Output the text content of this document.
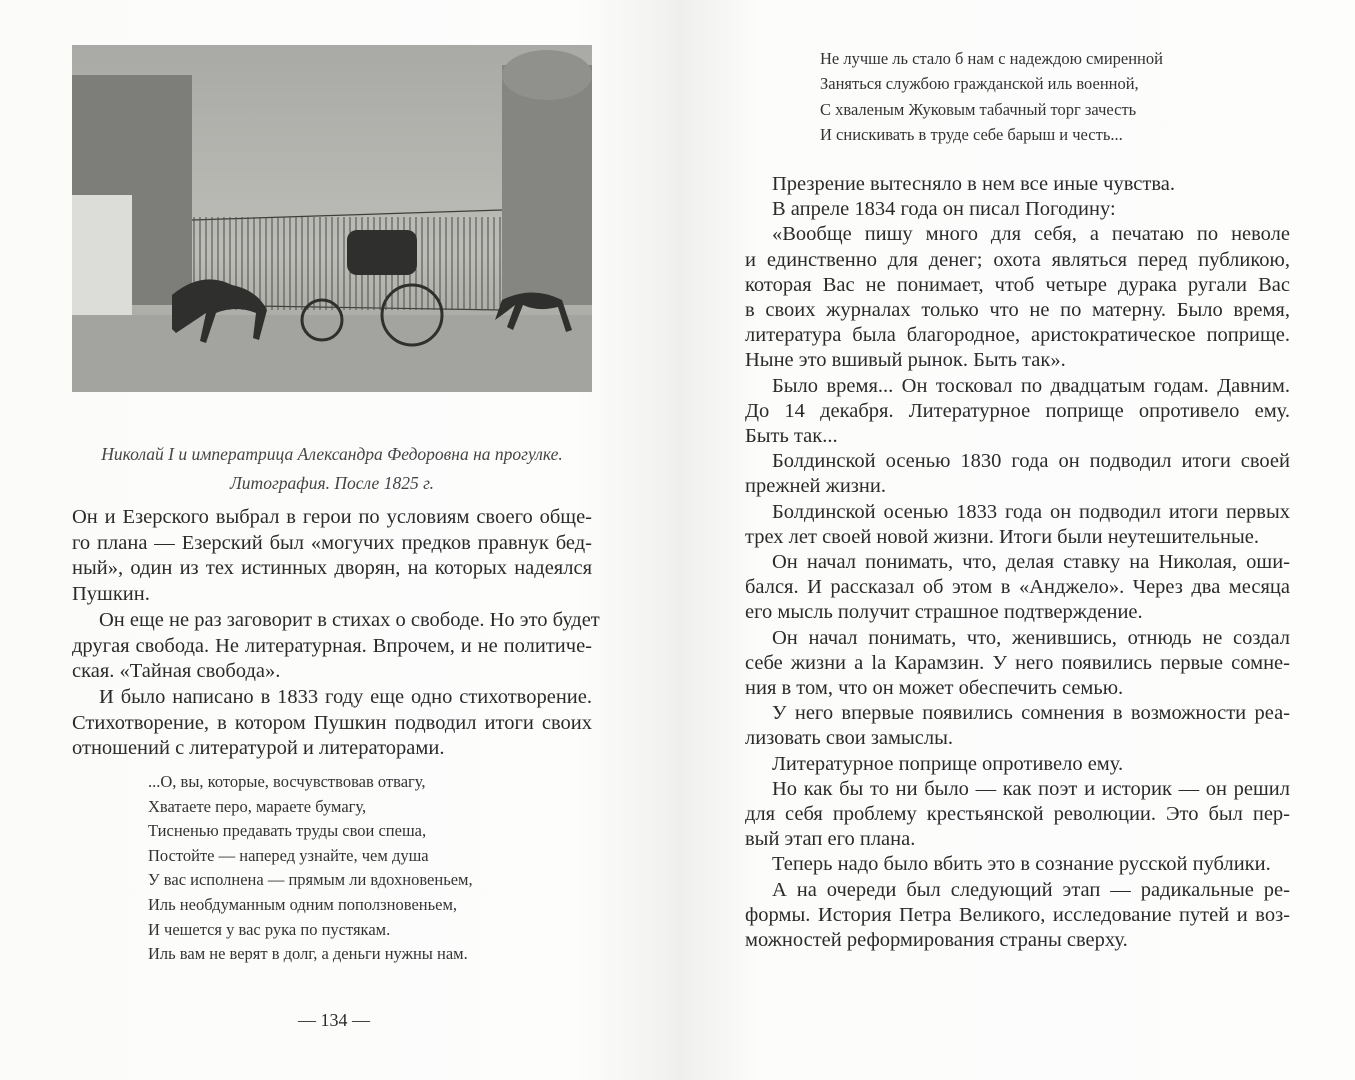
Николай I и императрица Александра Федоровна на прогулке.
Литография. После 1825 г.
Он и Езерского выбрал в герои по условиям своего обще-
го плана — Езерский был «могучих предков правнук бед-
ный», один из тех истинных дворян, на которых надеялся
Пушкин.
Он еще не раз заговорит в стихах о свободе. Но это будет
другая свобода. Не литературная. Впрочем, и не политиче-
ская. «Тайная свобода».
И было написано в 1833 году еще одно стихотворение.
Стихотворение, в котором Пушкин подводил итоги своих
отношений с литературой и литераторами.
...О, вы, которые, восчувствовав отвагу,
Хватаете перо, мараете бумагу,
Тисненью предавать труды свои спеша,
Постойте — наперед узнайте, чем душа
У вас исполнена — прямым ли вдохновеньем,
Иль необдуманным одним поползновеньем,
И чешется у вас рука по пустякам.
Иль вам не верят в долг, а деньги нужны нам.
— 134 —
Не лучше ль стало б нам с надеждою смиренной
Заняться службою гражданской иль военной,
С хваленым Жуковым табачный торг зачесть
И снискивать в труде себе барыш и честь...
Презрение вытесняло в нем все иные чувства.
В апреле 1834 года он писал Погодину:
«Вообще пишу много для себя, а печатаю по неволе
и единственно для денег; охота являться перед публикою,
которая Вас не понимает, чтоб четыре дурака ругали Вас
в своих журналах только что не по матерну. Было время,
литература была благородное, аристократическое поприще.
Ныне это вшивый рынок. Быть так».
Было время... Он тосковал по двадцатым годам. Давним.
До 14 декабря. Литературное поприще опротивело ему.
Быть так...
Болдинской осенью 1830 года он подводил итоги своей
прежней жизни.
Болдинской осенью 1833 года он подводил итоги первых
трех лет своей новой жизни. Итоги были неутешительные.
Он начал понимать, что, делая ставку на Николая, оши-
бался. И рассказал об этом в «Анджело». Через два месяца
его мысль получит страшное подтверждение.
Он начал понимать, что, женившись, отнюдь не создал
себе жизни a la Карамзин. У него появились первые сомне-
ния в том, что он может обеспечить семью.
У него впервые появились сомнения в возможности реа-
лизовать свои замыслы.
Литературное поприще опротивело ему.
Но как бы то ни было — как поэт и историк — он решил
для себя проблему крестьянской революции. Это был пер-
вый этап его плана.
Теперь надо было вбить это в сознание русской публики.
А на очереди был следующий этап — радикальные ре-
формы. История Петра Великого, исследование путей и воз-
можностей реформирования страны сверху.
